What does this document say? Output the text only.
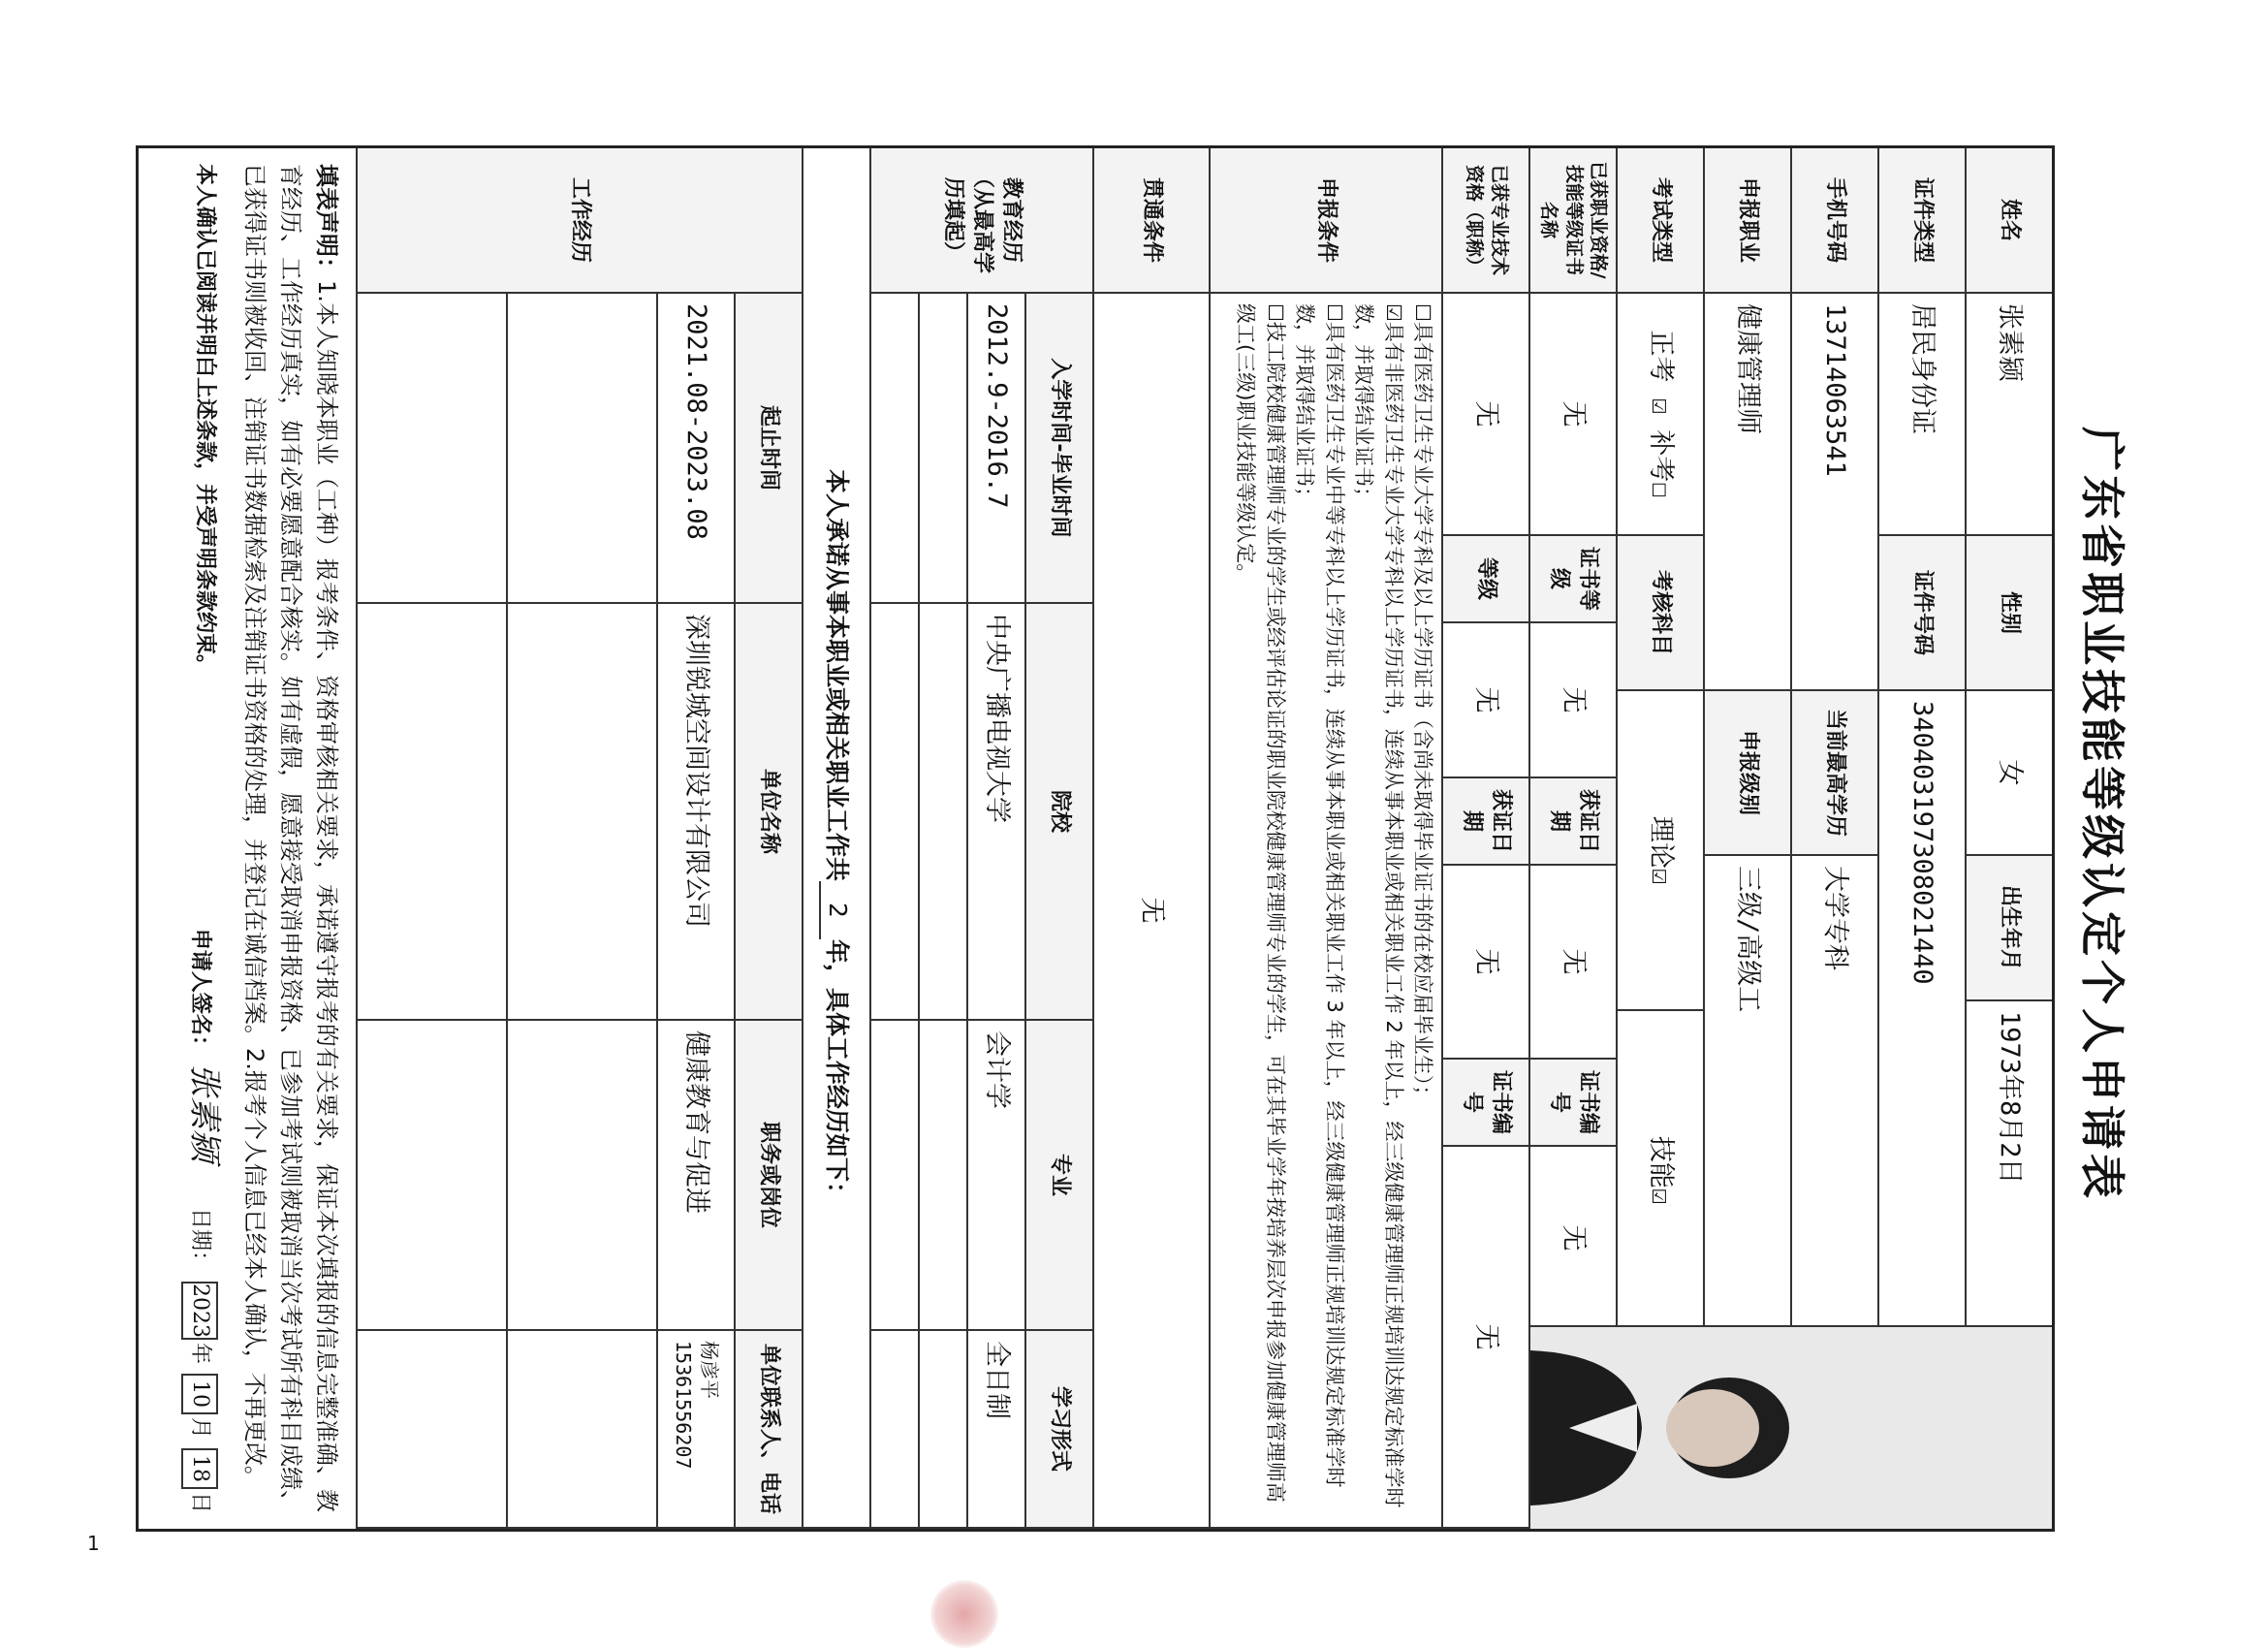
广东省职业技能等级认定个人申请表
姓名
张素颍
性别
女
出生年月
1973年8月2日
证件类型
居民身份证
证件号码
340403197308021440
手机号码
13714063541
当前最高学历
大学专科
申报职业
健康管理师
申报级别
三级/高级工
考试类型
正考 ☑ 补考☐
考核科目
理论☑
技能☑
已获职业资格/技能等级证书名称
无
证书等级
无
获证日期
无
证书编号
无
已获专业技术资格（职称）
无
等级
无
获证日期
无
证书编号
无
申报条件
☐具有医药卫生专业大学专科及以上学历证书（含尚未取得毕业证书的在校应届毕业生）；
☑具有非医药卫生专业大学专科以上学历证书，连续从事本职业或相关职业工作 2 年以上，经三级健康管理师正规培训达规定标准学时数，并取得结业证书；
☐具有医药卫生专业中等专科以上学历证书，连续从事本职业或相关职业工作 3 年以上，经三级健康管理师正规培训达规定标准学时数，并取得结业证书；
☐技工院校健康管理师专业的学生或经评估论证的职业院校健康管理师专业的学生，可在其毕业学年按培养层次申报参加健康管理师高级工(三级)职业技能等级认定。
贯通条件
无
教育经历（从最高学历填起）
入学时间-毕业时间
院校
专业
学习形式
2012.9-2016.7
中央广播电视大学
会计学
全日制
本人承诺从事本职业或相关职业工作共
2
年，具体工作经历如下：
工作经历
起止时间
单位名称
职务或岗位
单位联系人、电话
2021.08-2023.08
深圳锐城空间设计有限公司
健康教育与促进
杨彦平15361556207
填表声明：1.本人知晓本职业（工种）报考条件、资格审核相关要求，承诺遵守报考的有关要求，保证本次填报的信息完整准确、教育经历、工作经历真实，如有必要愿意配合核实。如有虚假，愿意接受取消申报资格、已参加考试则被取消当次考试所有科目成绩、已获得证书则被收回、注销证书数据检索及注销证书资格的处理，并登记在诚信档案。2.报考个人信息已经本人确认，不再更改。
本人确认已阅读并明白上述条款，并受声明条款约束。
申请人签名： 张素颍 日期： 2023年 10月 18日
1
